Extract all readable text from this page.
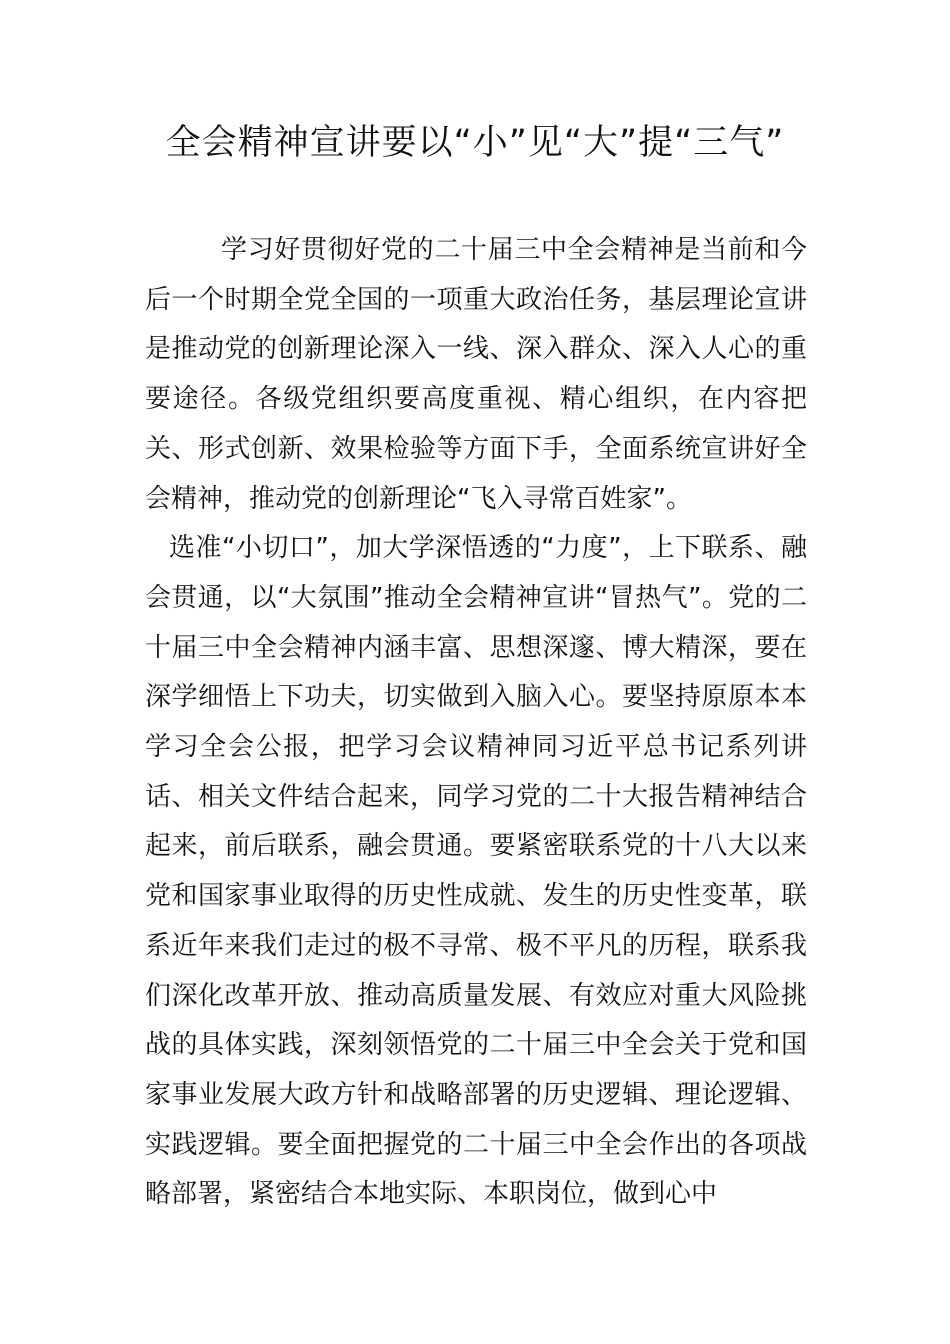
全会精神宣讲要以“小”见“大”提“三气”

学习好贯彻好党的二十届三中全会精神是当前和今后一个时期全党全国的一项重大政治任务，基层理论宣讲是推动党的创新理论深入一线、深入群众、深入人心的重要途径。各级党组织要高度重视、精心组织，在内容把关、形式创新、效果检验等方面下手，全面系统宣讲好全会精神，推动党的创新理论“飞入寻常百姓家”。

选准“小切口”，加大学深悟透的“力度”，上下联系、融会贯通，以“大氛围”推动全会精神宣讲“冒热气”。党的二十届三中全会精神内涵丰富、思想深邃、博大精深，要在深学细悟上下功夫，切实做到入脑入心。要坚持原原本本学习全会公报，把学习会议精神同习近平总书记系列讲话、相关文件结合起来，同学习党的二十大报告精神结合起来，前后联系，融会贯通。要紧密联系党的十八大以来党和国家事业取得的历史性成就、发生的历史性变革，联系近年来我们走过的极不寻常、极不平凡的历程，联系我们深化改革开放、推动高质量发展、有效应对重大风险挑战的具体实践，深刻领悟党的二十届三中全会关于党和国家事业发展大政方针和战略部署的历史逻辑、理论逻辑、实践逻辑。要全面把握党的二十届三中全会作出的各项战略部署，紧密结合本地实际、本职岗位，做到心中
